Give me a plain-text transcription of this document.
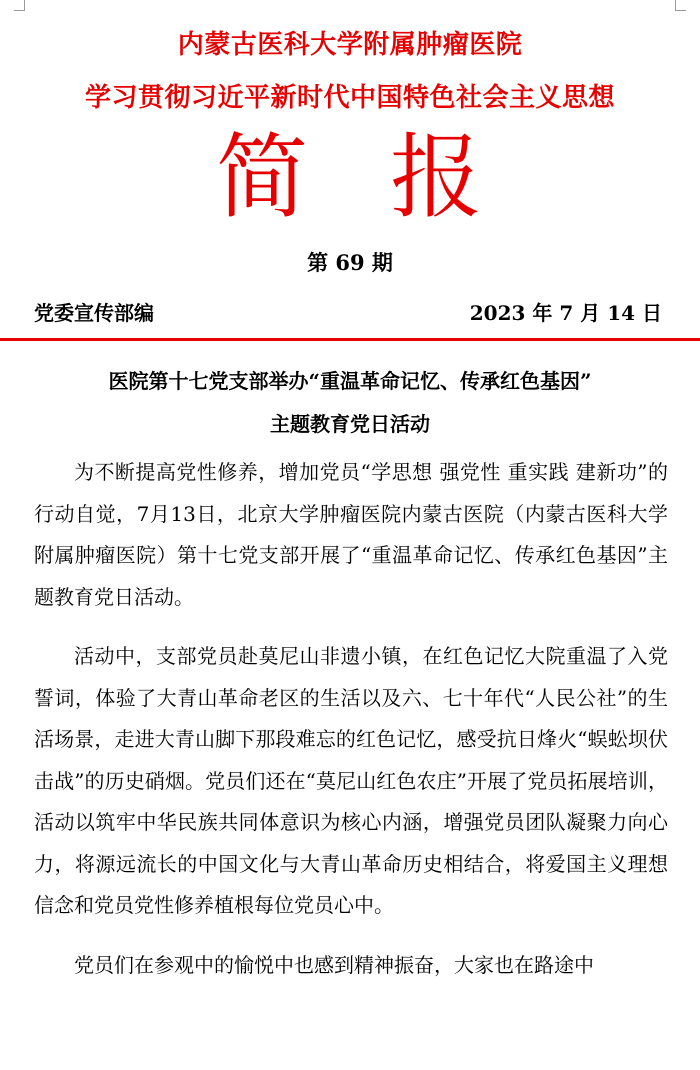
内蒙古医科大学附属肿瘤医院
学习贯彻习近平新时代中国特色社会主义思想
简 报
第 69 期
党委宣传部编	2023 年 7 月 14 日
医院第十七党支部举办“重温革命记忆、传承红色基因”
主题教育党日活动

为不断提高党性修养，增加党员“学思想 强党性 重实践 建新功”的行动自觉，7月13日，北京大学肿瘤医院内蒙古医院（内蒙古医科大学附属肿瘤医院）第十七党支部开展了“重温革命记忆、传承红色基因”主题教育党日活动。

活动中，支部党员赴莫尼山非遗小镇，在红色记忆大院重温了入党誓词，体验了大青山革命老区的生活以及六、七十年代“人民公社”的生活场景，走进大青山脚下那段难忘的红色记忆，感受抗日烽火“蜈蚣坝伏击战”的历史硝烟。党员们还在“莫尼山红色农庄”开展了党员拓展培训，活动以筑牢中华民族共同体意识为核心内涵，增强党员团队凝聚力向心力，将源远流长的中国文化与大青山革命历史相结合，将爱国主义理想信念和党员党性修养植根每位党员心中。

党员们在参观中的愉悦中也感到精神振奋，大家也在路途中
